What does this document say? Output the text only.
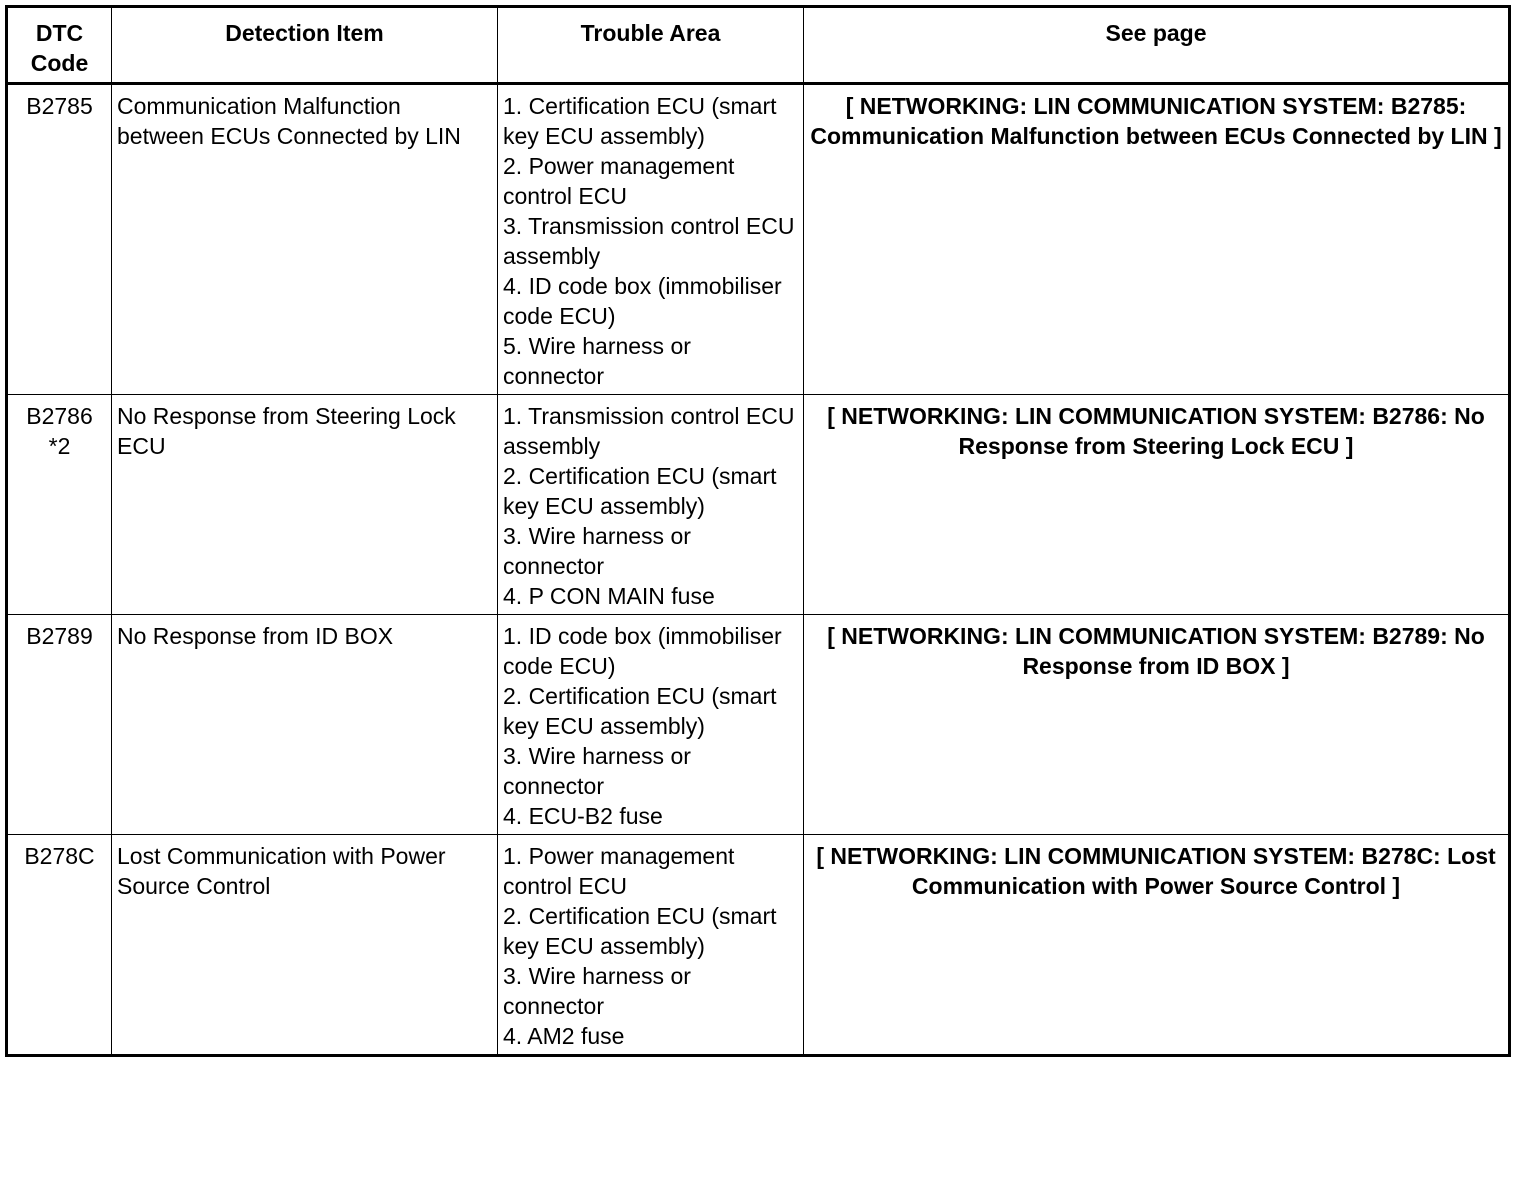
DTC
Code	Detection Item	Trouble Area	See page

B2785	Communication Malfunction between ECUs Connected by LIN	1. Certification ECU (smart key ECU assembly)
2. Power management control ECU
3. Transmission control ECU assembly
4. ID code box (immobiliser code ECU)
5. Wire harness or connector	[ NETWORKING: LIN COMMUNICATION SYSTEM: B2785: Communication Malfunction between ECUs Connected by LIN ]

B2786
*2	No Response from Steering Lock ECU	1. Transmission control ECU assembly
2. Certification ECU (smart key ECU assembly)
3. Wire harness or connector
4. P CON MAIN fuse	[ NETWORKING: LIN COMMUNICATION SYSTEM: B2786: No Response from Steering Lock ECU ]

B2789	No Response from ID BOX	1. ID code box (immobiliser code ECU)
2. Certification ECU (smart key ECU assembly)
3. Wire harness or connector
4. ECU-B2 fuse	[ NETWORKING: LIN COMMUNICATION SYSTEM: B2789: No Response from ID BOX ]

B278C	Lost Communication with Power Source Control	1. Power management control ECU
2. Certification ECU (smart key ECU assembly)
3. Wire harness or connector
4. AM2 fuse	[ NETWORKING: LIN COMMUNICATION SYSTEM: B278C: Lost Communication with Power Source Control ]
